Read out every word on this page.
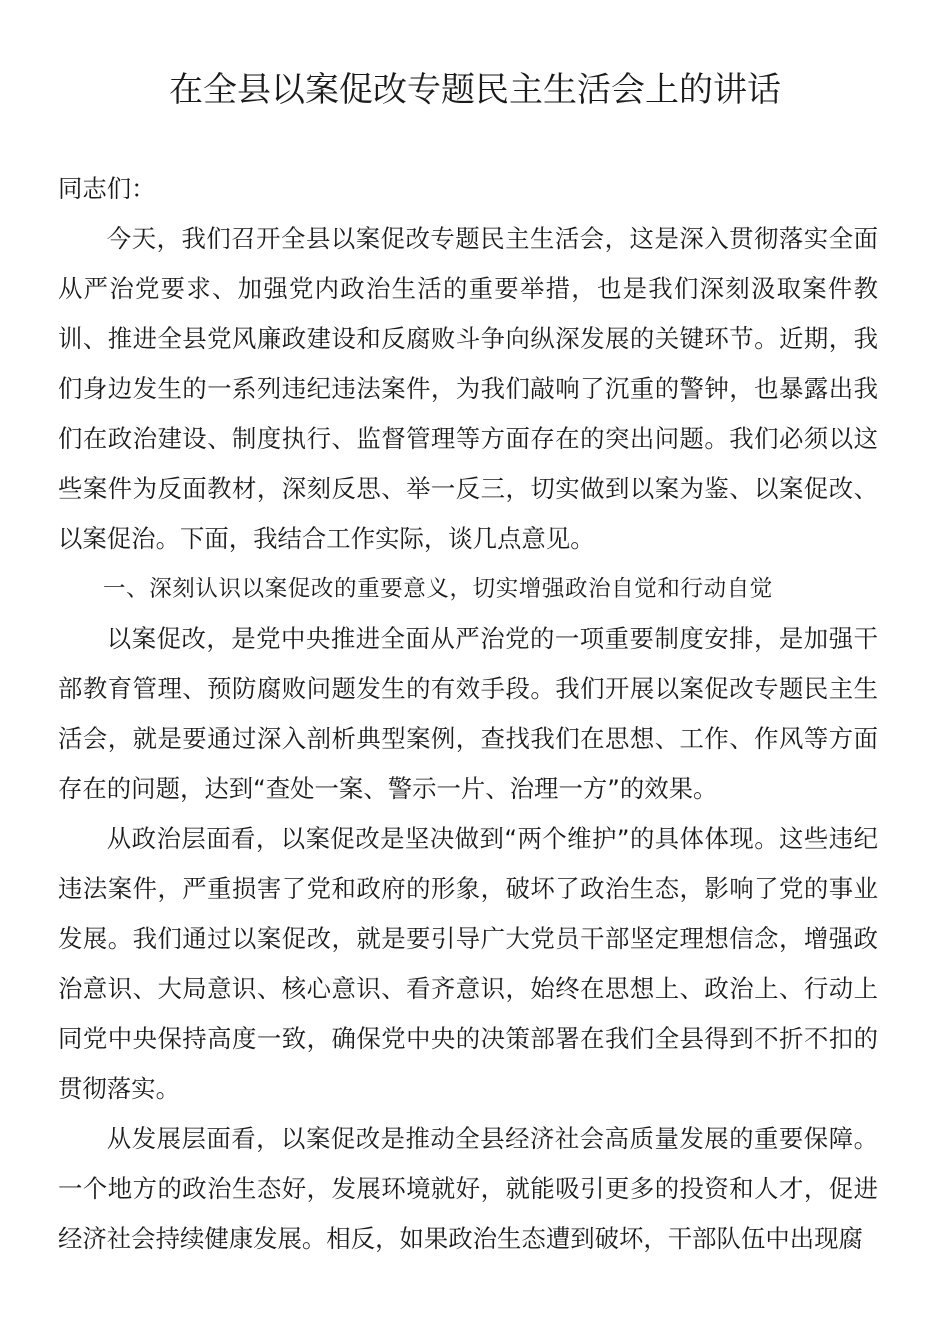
在全县以案促改专题民主生活会上的讲话

同志们：

今天，我们召开全县以案促改专题民主生活会，这是深入贯彻落实全面从严治党要求、加强党内政治生活的重要举措，也是我们深刻汲取案件教训、推进全县党风廉政建设和反腐败斗争向纵深发展的关键环节。近期，我们身边发生的一系列违纪违法案件，为我们敲响了沉重的警钟，也暴露出我们在政治建设、制度执行、监督管理等方面存在的突出问题。我们必须以这些案件为反面教材，深刻反思、举一反三，切实做到以案为鉴、以案促改、以案促治。下面，我结合工作实际，谈几点意见。

一、深刻认识以案促改的重要意义，切实增强政治自觉和行动自觉

以案促改，是党中央推进全面从严治党的一项重要制度安排，是加强干部教育管理、预防腐败问题发生的有效手段。我们开展以案促改专题民主生活会，就是要通过深入剖析典型案例，查找我们在思想、工作、作风等方面存在的问题，达到“查处一案、警示一片、治理一方”的效果。

从政治层面看，以案促改是坚决做到“两个维护”的具体体现。这些违纪违法案件，严重损害了党和政府的形象，破坏了政治生态，影响了党的事业发展。我们通过以案促改，就是要引导广大党员干部坚定理想信念，增强政治意识、大局意识、核心意识、看齐意识，始终在思想上、政治上、行动上同党中央保持高度一致，确保党中央的决策部署在我们全县得到不折不扣的贯彻落实。

从发展层面看，以案促改是推动全县经济社会高质量发展的重要保障。一个地方的政治生态好，发展环境就好，就能吸引更多的投资和人才，促进经济社会持续健康发展。相反，如果政治生态遭到破坏，干部队伍中出现腐
